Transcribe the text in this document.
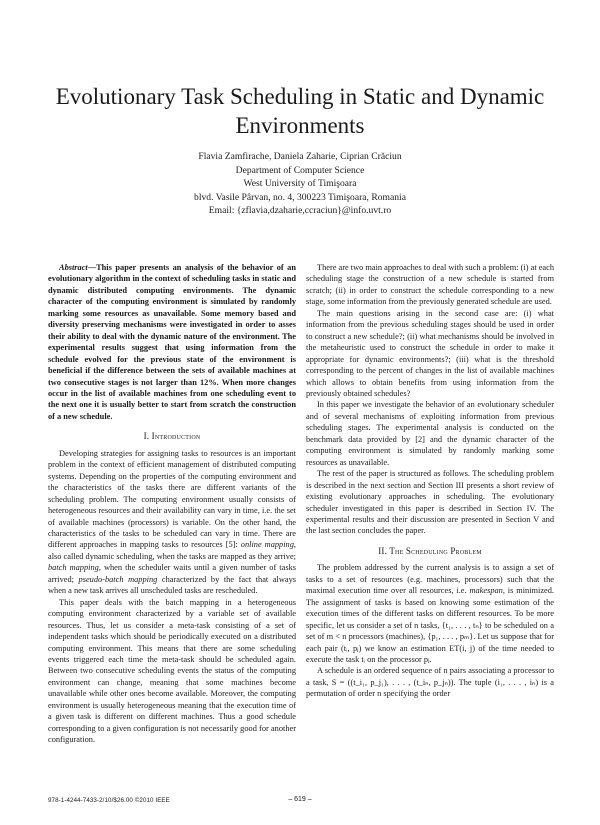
Evolutionary Task Scheduling in Static and Dynamic Environments
Flavia Zamfirache, Daniela Zaharie, Ciprian Crăciun
Department of Computer Science
West University of Timişoara
blvd. Vasile Pârvan, no. 4, 300223 Timişoara, Romania
Email: {zflavia,dzaharie,ccraciun}@info.uvt.ro

Abstract—This paper presents an analysis of the behavior of an evolutionary algorithm in the context of scheduling tasks in static and dynamic distributed computing environments. The dynamic character of the computing environment is simulated by randomly marking some resources as unavailable. Some memory based and diversity preserving mechanisms were investigated in order to asses their ability to deal with the dynamic nature of the environment. The experimental results suggest that using information from the schedule evolved for the previous state of the environment is beneficial if the difference between the sets of available machines at two consecutive stages is not larger than 12%. When more changes occur in the list of available machines from one scheduling event to the next one it is usually better to start from scratch the construction of a new schedule.

I. Introduction

Developing strategies for assigning tasks to resources is an important problem in the context of efficient management of distributed computing systems. Depending on the properties of the computing environment and the characteristics of the tasks there are different variants of the scheduling problem. The computing environment usually consists of heterogeneous resources and their availability can vary in time, i.e. the set of available machines (processors) is variable. On the other hand, the characteristics of the tasks to be scheduled can vary in time. There are different approaches in mapping tasks to resources [5]: online mapping, also called dynamic scheduling, when the tasks are mapped as they arrive; batch mapping, when the scheduler waits until a given number of tasks arrived; pseudo-batch mapping characterized by the fact that always when a new task arrives all unscheduled tasks are rescheduled.

This paper deals with the batch mapping in a heterogeneous computing environment characterized by a variable set of available resources. Thus, let us consider a meta-task consisting of a set of independent tasks which should be periodically executed on a distributed computing environment. This means that there are some scheduling events triggered each time the meta-task should be scheduled again. Between two consecutive scheduling events the status of the computing environment can change, meaning that some machines become unavailable while other ones become available. Moreover, the computing environment is usually heterogeneous meaning that the execution time of a given task is different on different machines. Thus a good schedule corresponding to a given configuration is not necessarily good for another configuration.

There are two main approaches to deal with such a problem: (i) at each scheduling stage the construction of a new schedule is started from scratch; (ii) in order to construct the schedule corresponding to a new stage, some information from the previously generated schedule are used.

The main questions arising in the second case are: (i) what information from the previous scheduling stages should be used in order to construct a new schedule?; (ii) what mechanisms should be involved in the metaheuristic used to construct the schedule in order to make it appropriate for dynamic environments?; (iii) what is the threshold corresponding to the percent of changes in the list of available machines which allows to obtain benefits from using information from the previously obtained schedules?

In this paper we investigate the behavior of an evolutionary scheduler and of several mechanisms of exploiting information from previous scheduling stages. The experimental analysis is conducted on the benchmark data provided by [2] and the dynamic character of the computing environment is simulated by randomly marking some resources as unavailable.

The rest of the paper is structured as follows. The scheduling problem is described in the next section and Section III presents a short review of existing evolutionary approaches in scheduling. The evolutionary scheduler investigated in this paper is described in Section IV. The experimental results and their discussion are presented in Section V and the last section concludes the paper.

II. The Scheduling Problem

The problem addressed by the current analysis is to assign a set of tasks to a set of resources (e.g. machines, processors) such that the maximal execution time over all resources, i.e. makespan, is minimized. The assignment of tasks is based on knowing some estimation of the execution times of the different tasks on different resources. To be more specific, let us consider a set of n tasks, {t₁, . . . , tₙ} to be scheduled on a set of m < n processors (machines), {p₁, . . . , pₘ}. Let us suppose that for each pair (tᵢ, pⱼ) we know an estimation ET(i, j) of the time needed to execute the task tᵢ on the processor pⱼ.

A schedule is an ordered sequence of n pairs associating a processor to a task, S = ((t_i₁, p_j₁), . . . , (t_iₙ, p_jₙ)). The tuple (i₁, . . . , iₙ) is a permutation of order n specifying the order

978-1-4244-7433-2/10/$26.00 ©2010 IEEE	– 619 –
